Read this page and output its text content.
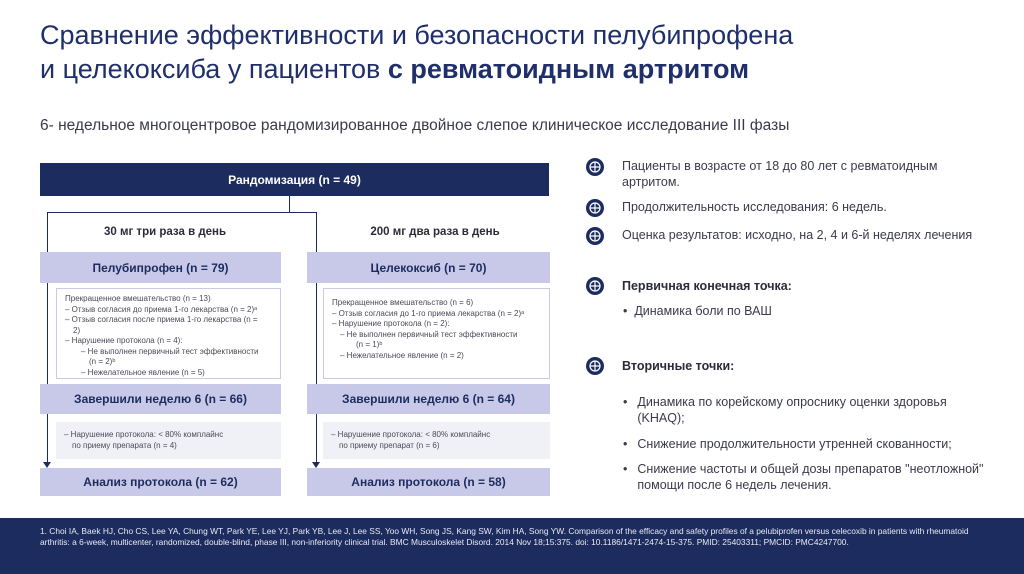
Сравнение эффективности и безопасности пелубипрофена
и целекоксиба у пациентов с ревматоидным артритом
6- недельное многоцентровое рандомизированное двойное слепое клиническое исследование III фазы
Рандомизация (n = 49)
30 мг три раза в день
Пелубипрофен (n = 79)
Прекращенное вмешательство (n = 13)
– Отзыв согласия до приема 1-го лекарства (n = 2)ᵃ
– Отзыв согласия после приема 1-го лекарства (n =
2)
– Нарушение протокола (n = 4):
– Не выполнен первичный тест эффективности
(n = 2)ᵇ
– Нежелательное явление (n = 5)
Завершили неделю 6 (n = 66)
– Нарушение протокола: < 80% комплайнс
по приему препарата (n = 4)
Анализ протокола (n = 62)
200 мг два раза в день
Целекоксиб (n = 70)
Прекращенное вмешательство (n = 6)
– Отзыв согласия до 1-го приема лекарства (n = 2)ᵃ
– Нарушение протокола (n = 2):
– Не выполнен первичный тест эффективности
(n = 1)ᵇ
– Нежелательное явление (n = 2)
Завершили неделю 6 (n = 64)
– Нарушение протокола: < 80% комплайнс
по приему препарат (n = 6)
Анализ протокола (n = 58)
Пациенты в возрасте от 18 до 80 лет с ревматоидным артритом.
Продолжительность исследования: 6 недель.
Оценка результатов: исходно, на 2, 4 и 6-й неделях лечения
Первичная конечная точка:
•  Динамика боли по ВАШ
Вторичные точки:
• Динамика по корейскому опроснику оценки здоровья (KHAQ);
• Снижение продолжительности утренней скованности;
• Снижение частоты и общей дозы препаратов "неотложной" помощи после 6 недель лечения.
1. Choi IA, Baek HJ, Cho CS, Lee YA, Chung WT, Park YE, Lee YJ, Park YB, Lee J, Lee SS, Yoo WH, Song JS, Kang SW, Kim HA, Song YW. Comparison of the efficacy and safety profiles of a pelubiprofen versus celecoxib in patients with rheumatoid arthritis: a 6-week, multicenter, randomized, double-blind, phase III, non-inferiority clinical trial. BMC Musculoskelet Disord. 2014 Nov 18;15:375. doi: 10.1186/1471-2474-15-375. PMID: 25403311; PMCID: PMC4247700.
